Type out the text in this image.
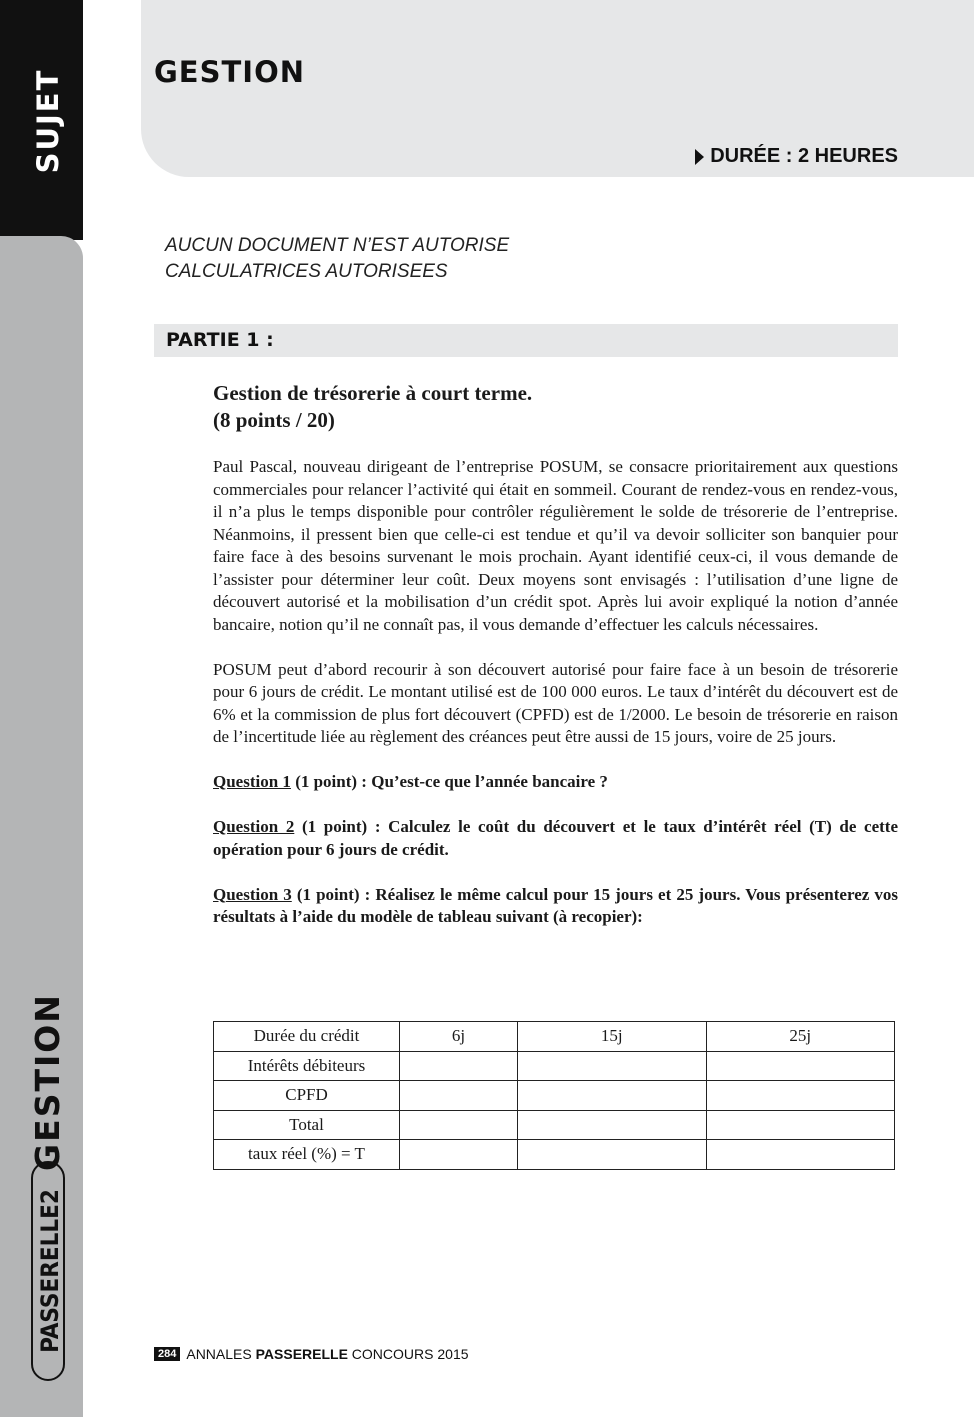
SUJET
GESTION
PASSERELLE2
GESTION
DURÉE : 2 HEURES
AUCUN DOCUMENT N’EST AUTORISE
CALCULATRICES AUTORISEES
PARTIE 1 :
Gestion de trésorerie à court terme.
(8 points / 20)

Paul Pascal, nouveau dirigeant de l’entreprise POSUM, se consacre prioritairement aux questions commerciales pour relancer l’activité qui était en sommeil. Courant de rendez-vous en rendez-vous, il n’a plus le temps disponible pour contrôler régulièrement le solde de trésorerie de l’entreprise. Néanmoins, il pressent bien que celle-ci est tendue et qu’il va devoir solliciter son banquier pour faire face à des besoins survenant le mois prochain. Ayant identifié ceux-ci, il vous demande de l’assister pour déterminer leur coût. Deux moyens sont envisagés : l’utilisation d’une ligne de découvert autorisé et la mobilisation d’un crédit spot. Après lui avoir expliqué la notion d’année bancaire, notion qu’il ne connaît pas, il vous demande d’effectuer les calculs nécessaires.

POSUM peut d’abord recourir à son découvert autorisé pour faire face à un besoin de trésorerie pour 6 jours de crédit. Le montant utilisé est de 100 000 euros. Le taux d’intérêt du découvert est de 6% et la commission de plus fort découvert (CPFD) est de 1/2000. Le besoin de trésorerie en raison de l’incertitude liée au règlement des créances peut être aussi de 15 jours, voire de 25 jours.

Question 1 (1 point) : Qu’est-ce que l’année bancaire ?

Question 2 (1 point) : Calculez le coût du découvert et le taux d’intérêt réel (T) de cette opération pour 6 jours de crédit.

Question 3 (1 point) : Réalisez le même calcul pour 15 jours et 25 jours. Vous présenterez vos résultats à l’aide du modèle de tableau suivant (à recopier):

Durée du crédit	6j	15j	25j
Intérêts débiteurs			
CPFD			
Total			
taux réel (%) = T			
284 ANNALES PASSERELLE CONCOURS 2015
